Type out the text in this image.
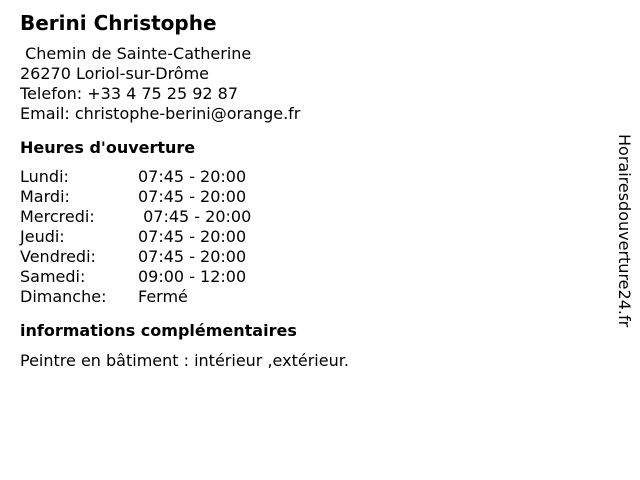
Berini Christophe
Chemin de Sainte-Catherine
26270 Loriol-sur-Drôme
Telefon: +33 4 75 25 92 87
Email: christophe-berini@orange.fr
Heures d'ouverture
Lundi:	07:45 - 20:00
Mardi:	07:45 - 20:00
Mercredi:	07:45 - 20:00
Jeudi:	07:45 - 20:00
Vendredi:	07:45 - 20:00
Samedi:	09:00 - 12:00
Dimanche:	Fermé
informations complémentaires
Peintre en bâtiment : intérieur ,extérieur.
Horairesdouverture24.fr
